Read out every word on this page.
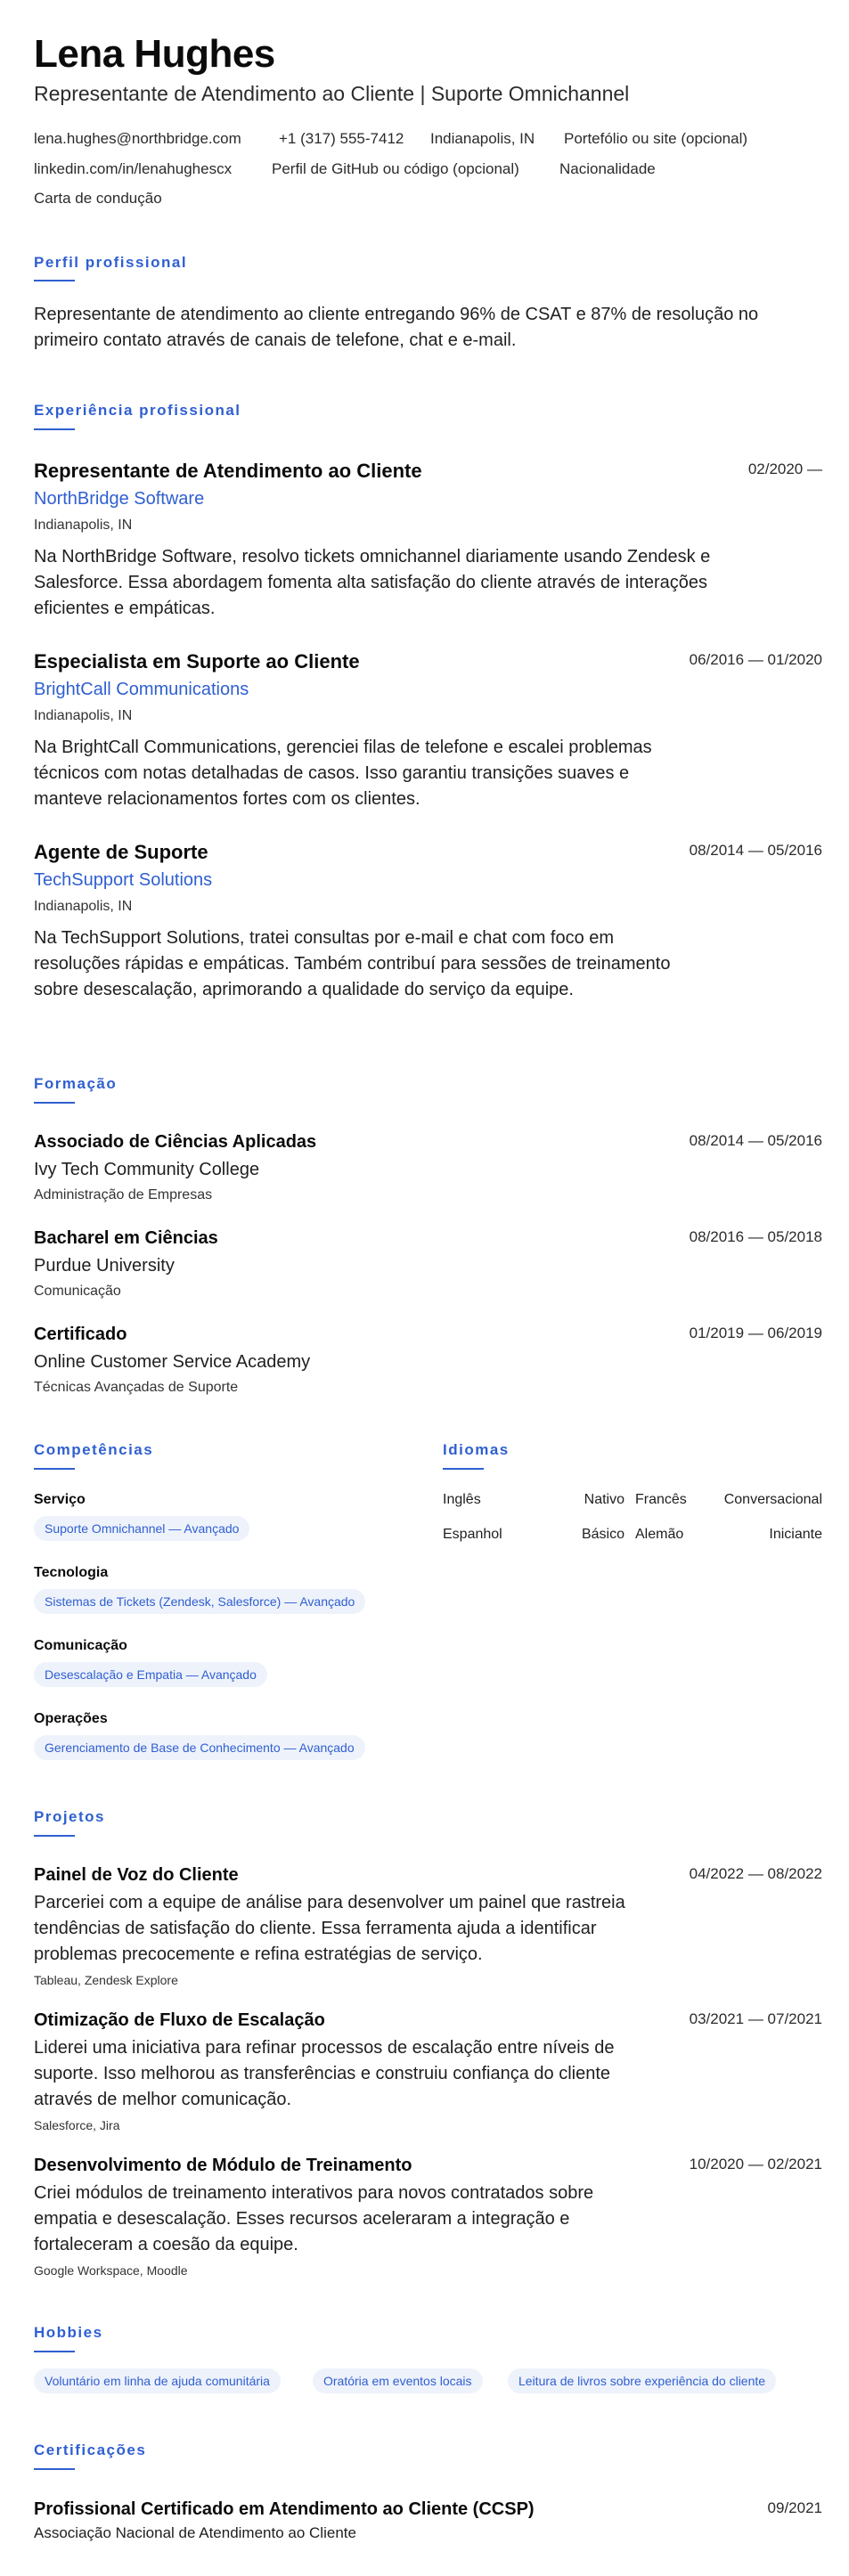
Lena Hughes
Representante de Atendimento ao Cliente | Suporte Omnichannel
lena.hughes@northbridge.com +1 (317) 555-7412 Indianapolis, IN Portefólio ou site (opcional)
linkedin.com/in/lenahughescx	Perfil de GitHub ou código (opcional)	Nacionalidade
Carta de condução
Perfil profissional
Representante de atendimento ao cliente entregando 96% de CSAT e 87% de resolução no primeiro contato através de canais de telefone, chat e e-mail.
Experiência profissional
Representante de Atendimento ao Cliente	02/2020 —
NorthBridge Software
Indianapolis, IN
Na NorthBridge Software, resolvo tickets omnichannel diariamente usando Zendesk e Salesforce. Essa abordagem fomenta alta satisfação do cliente através de interações eficientes e empáticas.
Especialista em Suporte ao Cliente	06/2016 — 01/2020
BrightCall Communications
Indianapolis, IN
Na BrightCall Communications, gerenciei filas de telefone e escalei problemas técnicos com notas detalhadas de casos. Isso garantiu transições suaves e manteve relacionamentos fortes com os clientes.
Agente de Suporte	08/2014 — 05/2016
TechSupport Solutions
Indianapolis, IN
Na TechSupport Solutions, tratei consultas por e-mail e chat com foco em resoluções rápidas e empáticas. Também contribuí para sessões de treinamento sobre desescalação, aprimorando a qualidade do serviço da equipe.
Formação
Associado de Ciências Aplicadas	08/2014 — 05/2016
Ivy Tech Community College
Administração de Empresas
Bacharel em Ciências	08/2016 — 05/2018
Purdue University
Comunicação
Certificado	01/2019 — 06/2019
Online Customer Service Academy
Técnicas Avançadas de Suporte
Competências
Serviço
Suporte Omnichannel — Avançado
Tecnologia
Sistemas de Tickets (Zendesk, Salesforce) — Avançado
Comunicação
Desescalação e Empatia — Avançado
Operações
Gerenciamento de Base de Conhecimento — Avançado
Idiomas
Inglês	Nativo Francês	Conversacional
Espanhol	Básico Alemão	Iniciante
Projetos
Painel de Voz do Cliente	04/2022 — 08/2022
Parceriei com a equipe de análise para desenvolver um painel que rastreia tendências de satisfação do cliente. Essa ferramenta ajuda a identificar problemas precocemente e refina estratégias de serviço.
Tableau, Zendesk Explore
Otimização de Fluxo de Escalação	03/2021 — 07/2021
Liderei uma iniciativa para refinar processos de escalação entre níveis de suporte. Isso melhorou as transferências e construiu confiança do cliente através de melhor comunicação.
Salesforce, Jira
Desenvolvimento de Módulo de Treinamento	10/2020 — 02/2021
Criei módulos de treinamento interativos para novos contratados sobre empatia e desescalação. Esses recursos aceleraram a integração e fortaleceram a coesão da equipe.
Google Workspace, Moodle
Hobbies
Voluntário em linha de ajuda comunitária	Oratória em eventos locais	Leitura de livros sobre experiência do cliente
Certificações
Profissional Certificado em Atendimento ao Cliente (CCSP)	09/2021
Associação Nacional de Atendimento ao Cliente
